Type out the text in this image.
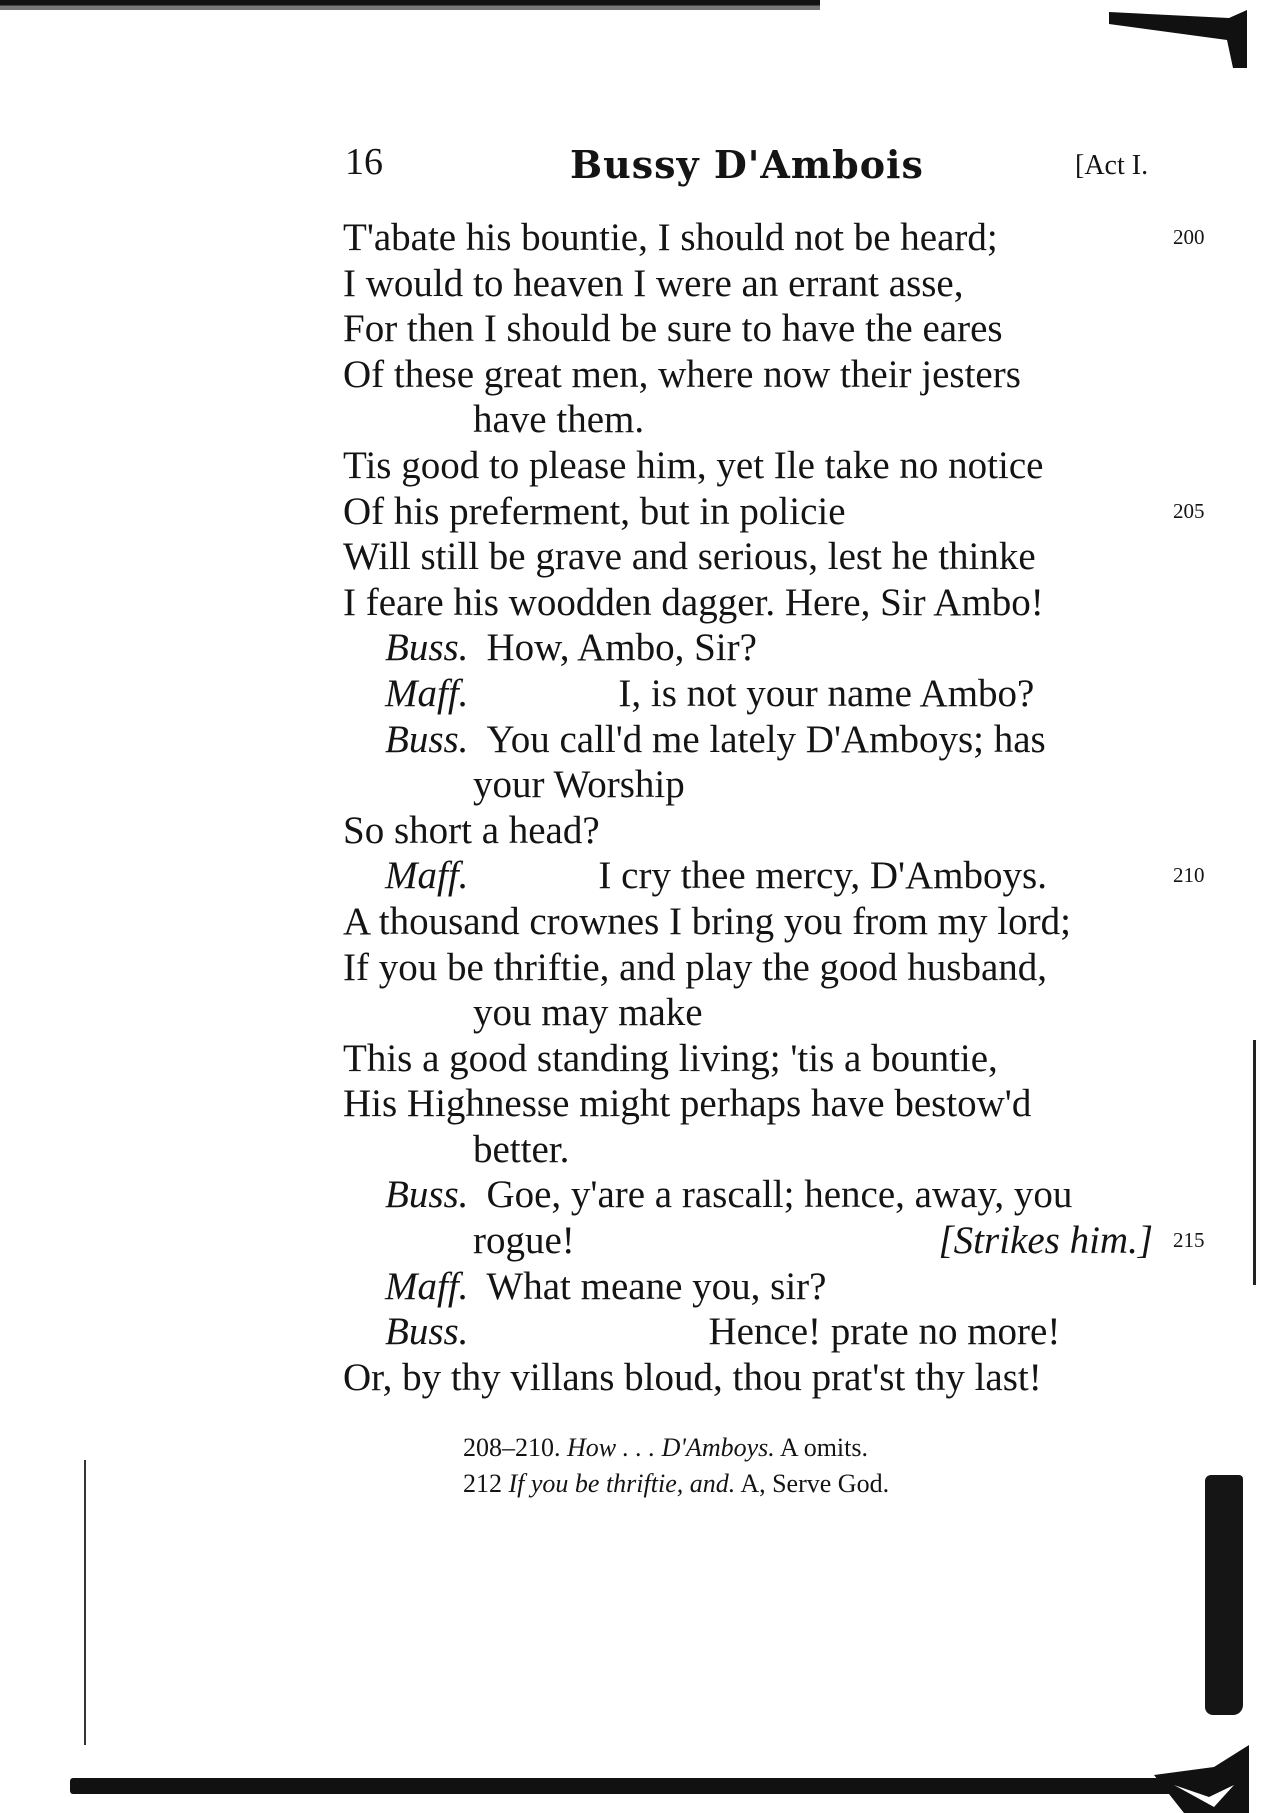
16	Bussy D'Ambois	[Act I.
T'abate his bountie, I should not be heard;	200
I would to heaven I were an errant asse,
For then I should be sure to have the eares
Of these great men, where now their jesters
have them.
Tis good to please him, yet Ile take no notice
Of his preferment, but in policie	205
Will still be grave and serious, lest he thinke
I feare his woodden dagger. Here, Sir Ambo!
Buss. How, Ambo, Sir?
Maff.	I, is not your name Ambo?
Buss. You call'd me lately D'Amboys; has
your Worship
So short a head?
Maff.	I cry thee mercy, D'Amboys.	210
A thousand crownes I bring you from my lord;
If you be thriftie, and play the good husband,
you may make
This a good standing living; 'tis a bountie,
His Highnesse might perhaps have bestow'd
better.
Buss. Goe, y'are a rascall; hence, away, you
rogue!	[Strikes him.] 215
Maff. What meane you, sir?
Buss.	Hence! prate no more!
Or, by thy villans bloud, thou prat'st thy last!
208–210. How . . . D'Amboys. A omits.
212 If you be thriftie, and. A, Serve God.
